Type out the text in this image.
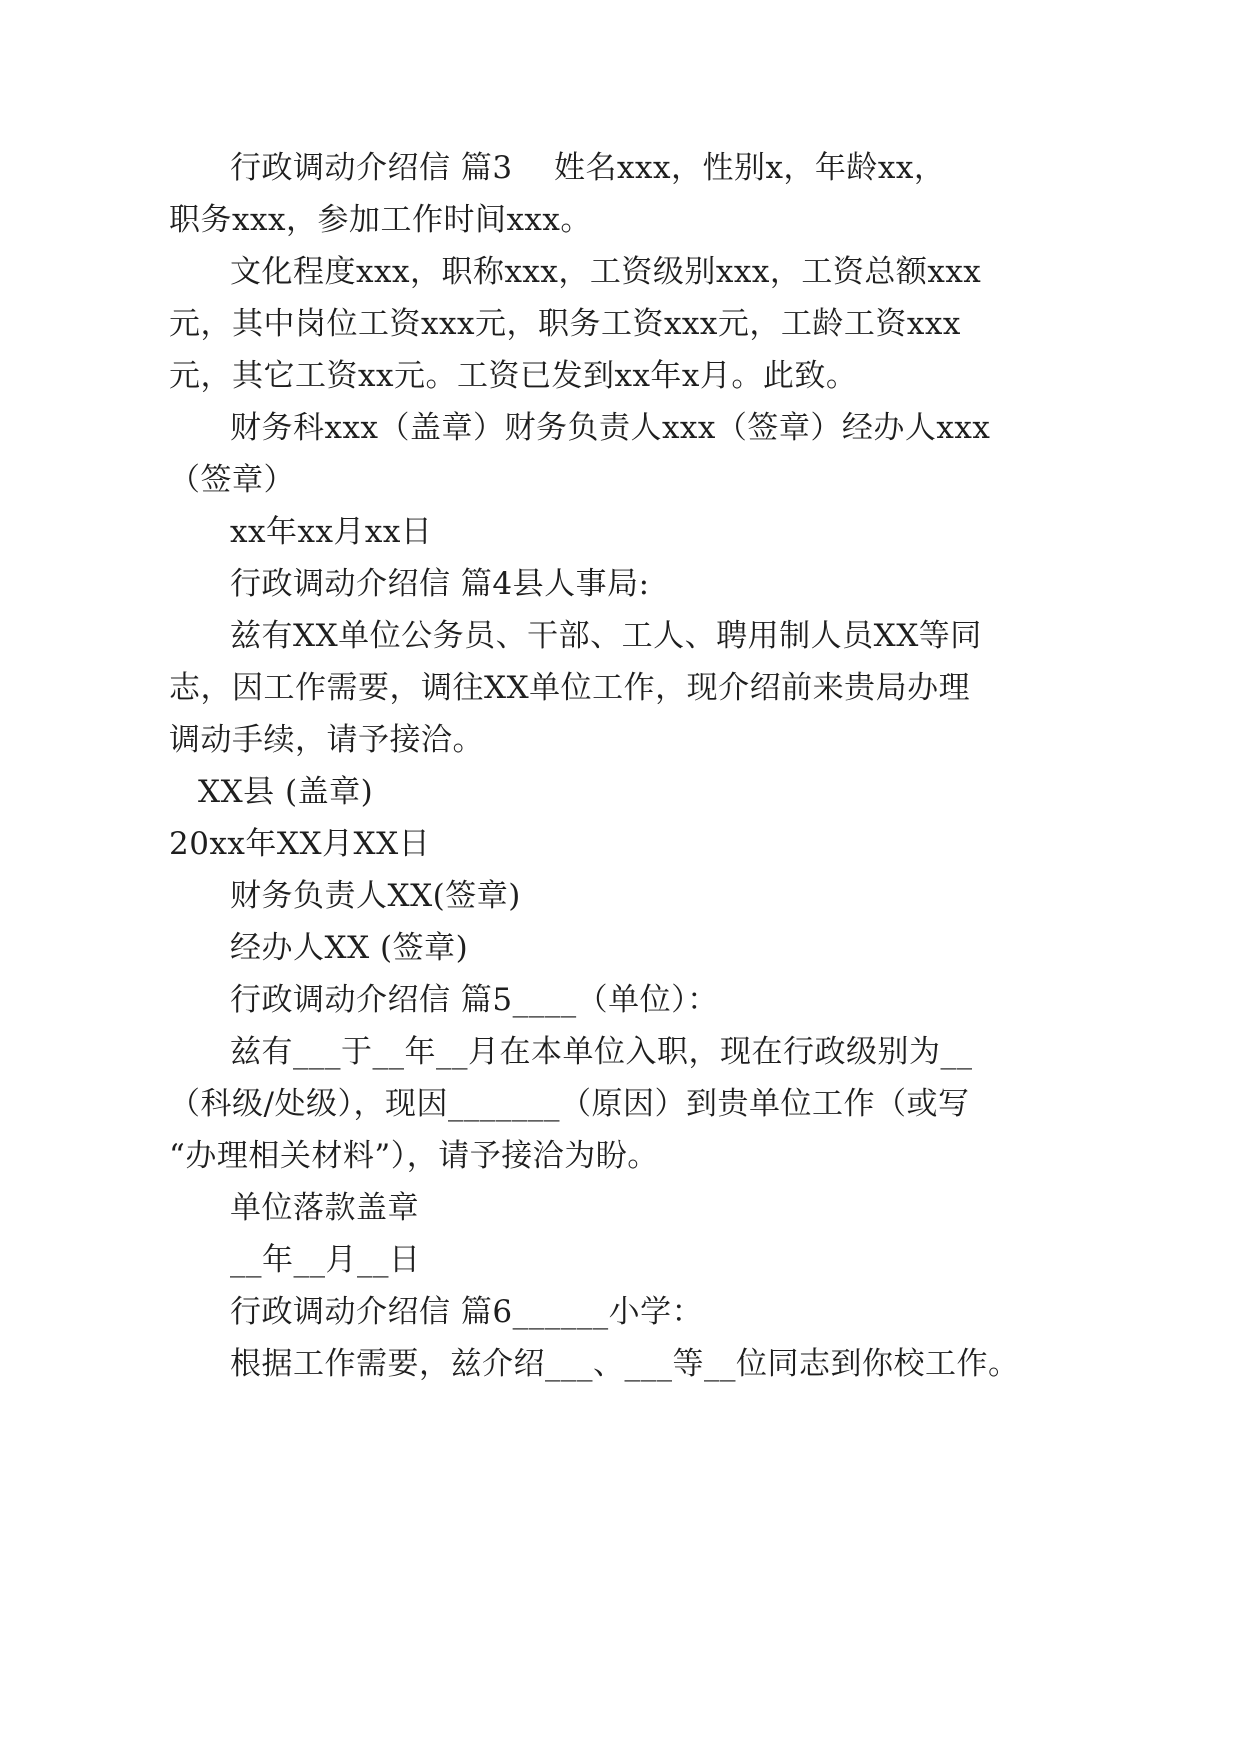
行政调动介绍信 篇3    姓名xxx，性别x，年龄xx，

职务xxx，参加工作时间xxx。

文化程度xxx，职称xxx，工资级别xxx，工资总额xxx

元，其中岗位工资xxx元，职务工资xxx元，工龄工资xxx

元，其它工资xx元。工资已发到xx年x月。此致。

财务科xxx（盖章）财务负责人xxx（签章）经办人xxx

（签章）

xx年xx月xx日

行政调动介绍信 篇4县人事局:

兹有XX单位公务员、干部、工人、聘用制人员XX等同

志，因工作需要，调往XX单位工作，现介绍前来贵局办理

调动手续，请予接洽。

XX县 (盖章)

20xx年XX月XX日

财务负责人XX(签章)

经办人XX (签章)

行政调动介绍信 篇5____（单位）：

兹有___于__年__月在本单位入职，现在行政级别为__

（科级/处级），现因_______（原因）到贵单位工作（或写

“办理相关材料”），请予接洽为盼。

单位落款盖章

__年__月__日

行政调动介绍信 篇6______小学：

根据工作需要，兹介绍___、___等__位同志到你校工作。
